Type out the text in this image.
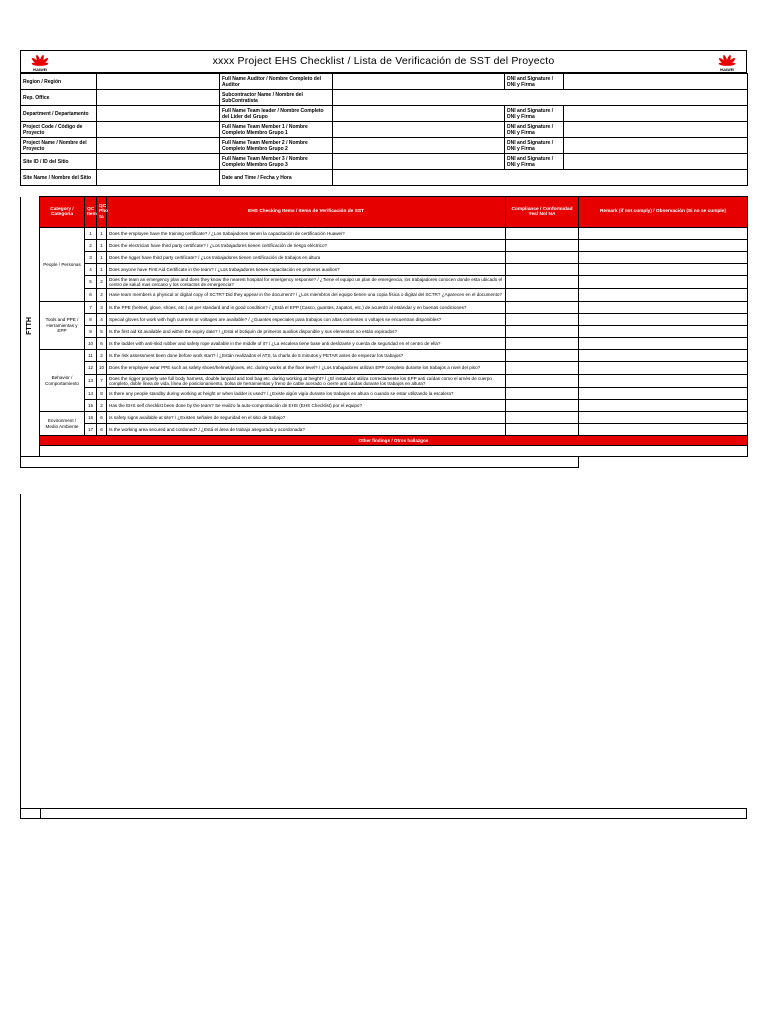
HUAWEI
xxxx Project EHS Checklist / Lista de Verificación de SST del Proyecto
HUAWEI
Region / Región		Full Name Auditor / Nombre Completo del Auditor		DNI and Signature / DNI y Firma	
Rep. Office		Subcontractor Name / Nombre del SubContratista			
Department / Departamento		Full Name Team leader / Nombre Completo del Líder del Grupo		DNI and Signature / DNI y Firma	
Project Code / Código de Proyecto		Full Name Team Member 1 / Nombre Completo Miembro Grupo 1		DNI and Signature / DNI y Firma	
Project Name / Nombre del Proyecto		Full Name Team Member 2 / Nombre Completo Miembro Grupo 2		DNI and Signature / DNI y Firma	
Site ID / ID del Sitio		Full Name Team Member 3 / Nombre Completo Miembro Grupo 3		DNI and Signature / DNI y Firma	
Site Name / Nombre del Sitio		Date and Time / Fecha y Hora			
FTTH	Category / Categoría	QC Item	QC Pho to	EHS Checking Items / Items de Verificación de SST	Compliance / Conformidad Yes/ No/ NA	Remark (if not comply) / Observación (Si no se cumple)
	People / Personas	1	1	Does the employee have the training certificate? / ¿Los trabajadores tienen la capacitación de certificación Huawei?		
		2	1	Does the electrician have third party certificate? / ¿Los trabajadores tienen certificación de riesgo eléctrico?		
		3	1	Does the rigger have third party certificate? / ¿Los trabajadores tienen certificación de trabajos en altura		
		4	1	Does anyone have First Aid Certificate in the team? / ¿Los trabajadores tienes capacitación en primeros auxilios?		
		5	2	Does the team an emergency plan and does they know the nearest hospital for emergency response? / ¿Tiene el equipo un plan de emergencia, los trabajadores conocen donde esta ubicado el centro de salud mas cercano y los contactos de emergencia?		
		6	2	Have team members a physical or digital copy of SCTR? Did they appear in the document? / ¿Los miembros del equipo tienen una copia física o digital del SCTR? ¿Aparecen en el documento?		
	Tools and PPE / Herramientas y EPP	7	3	Is the PPE (helmet, glove, shoes, etc.) as per standard and in good condition? / ¿Está el EPP (Casco, guantes, zapatos, etc.) de acuerdo al estándar y en buenas condiciones?		
		8	4	Special gloves for work with high currents or voltages are available? / ¿Guantes especiales para trabajos con altas corrientes o voltajes se encuentran disponibles?		
		9	5	Is the first aid kit available and within the expiry date? / ¿Está el botiquín de primeros auxilios disponible y sus elementos no están expirados?		
		10	6	Is the ladder with anti-skid rubber and safety rope available in the middle of it? / ¿La escalera tiene base anti deslizante y cuerda de seguridad en el centro de ella?		
	Behavior / Comportamiento	11	2	Is the risk assessment been done before work start? / ¿Están realizados el ATS, la charla de 5 minutos y PETAR antes de empezar los trabajos?		
		12	10	Does the employee wear PPE such as safety shoes/helmet/gloves, etc. during works at the floor level? / ¿Los trabajadores utilizan EPP completo durante los trabajos a nivel del piso?		
		13	7	Does the rigger properly use full body harness, double lanyard and tool bag etc. during working at height? / ¿El instalador utiliza correctamente los EPP anti caídas como el arnés de cuerpo completo, doble línea de vida, línea de posicionamiento, bolsa de herramientas y freno de cable acerado o cierre anti caídas durante los trabajos en altura?		
		14	8	Is there any people standby during working at height or when ladder is used? / ¿Existe algún vigía durante los trabajos en altura o cuando se estar utilizando la escalera?		
		15	2	Has the EHS self checklist been done by the team? Se realizo la auto-comprobación de EHS (EHS Checklist) por el equipo?		
	Environment / Medio Ambiente	16	6	Is safety signs available at site? / ¿Existen señales de seguridad en el sitio de trabajo?		
		17	6	Is the working area secured and cordoned? / ¿Está el área de trabajo asegurada y acordonada?		
	Other findings / Otros hallazgos					
